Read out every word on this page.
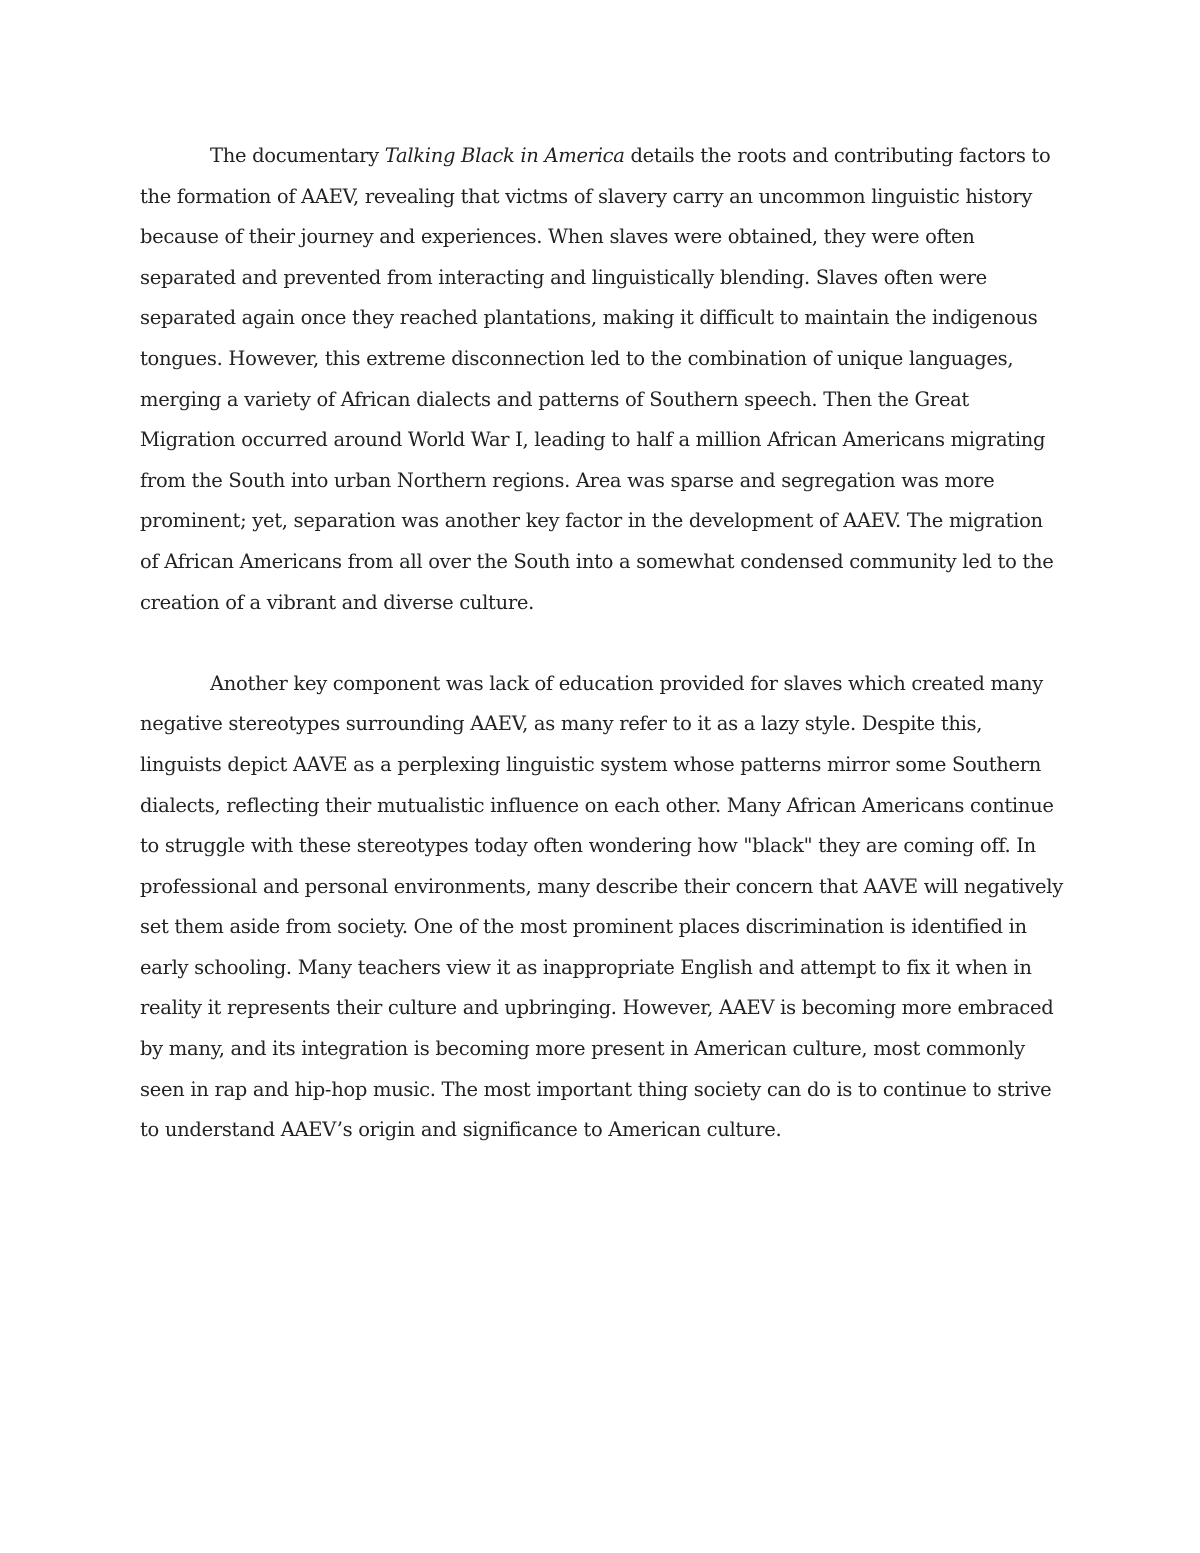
The documentary Talking Black in America details the roots and contributing factors to the formation of AAEV, revealing that victms of slavery carry an uncommon linguistic history because of their journey and experiences. When slaves were obtained, they were often separated and prevented from interacting and linguistically blending. Slaves often were separated again once they reached plantations, making it difficult to maintain the indigenous tongues. However, this extreme disconnection led to the combination of unique languages, merging a variety of African dialects and patterns of Southern speech. Then the Great Migration occurred around World War I, leading to half a million African Americans migrating from the South into urban Northern regions. Area was sparse and segregation was more prominent; yet, separation was another key factor in the development of AAEV. The migration of African Americans from all over the South into a somewhat condensed community led to the creation of a vibrant and diverse culture.

Another key component was lack of education provided for slaves which created many negative stereotypes surrounding AAEV, as many refer to it as a lazy style. Despite this, linguists depict AAVE as a perplexing linguistic system whose patterns mirror some Southern dialects, reflecting their mutualistic influence on each other. Many African Americans continue to struggle with these stereotypes today often wondering how "black" they are coming off. In professional and personal environments, many describe their concern that AAVE will negatively set them aside from society. One of the most prominent places discrimination is identified in early schooling. Many teachers view it as inappropriate English and attempt to fix it when in reality it represents their culture and upbringing. However, AAEV is becoming more embraced by many, and its integration is becoming more present in American culture, most commonly seen in rap and hip-hop music. The most important thing society can do is to continue to strive to understand AAEV’s origin and significance to American culture.
